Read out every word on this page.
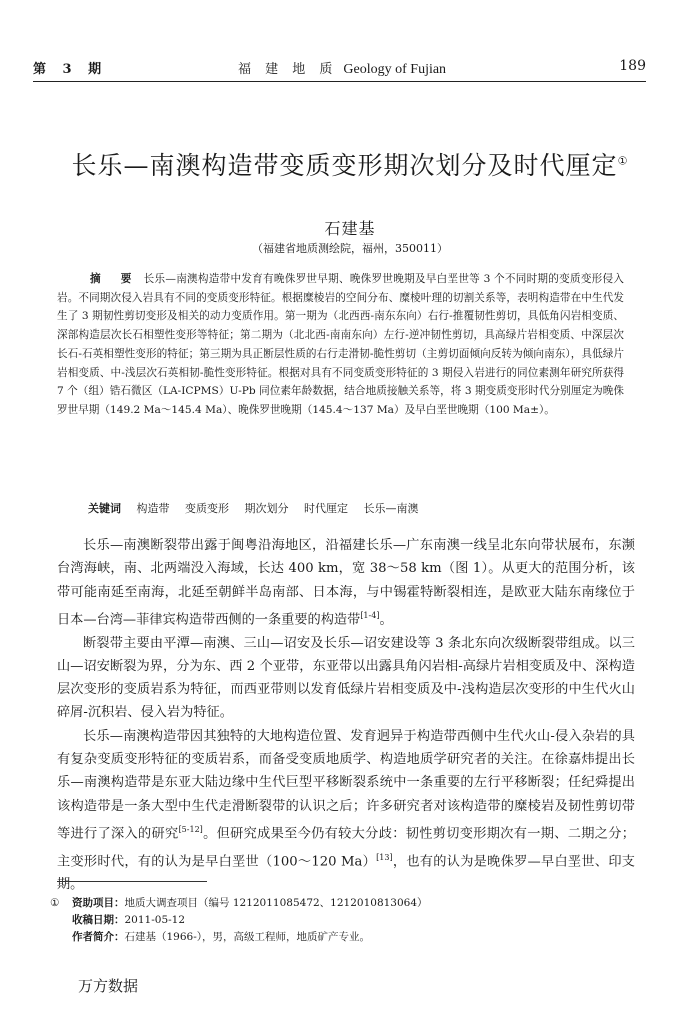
第 3 期	福 建 地 质 Geology of Fujian	189
长乐—南澳构造带变质变形期次划分及时代厘定①
石建基
（福建省地质测绘院，福州，350011）
摘 要 长乐—南澳构造带中发育有晚侏罗世早期、晚侏罗世晚期及早白垩世等 3 个不同时期的变质变形侵入岩。不同期次侵入岩具有不同的变质变形特征。根据糜棱岩的空间分布、糜棱叶理的切割关系等，表明构造带在中生代发生了 3 期韧性剪切变形及相关的动力变质作用。第一期为（北西西-南东东向）右行-推覆韧性剪切，具低角闪岩相变质、深部构造层次长石相塑性变形等特征；第二期为（北北西-南南东向）左行-逆冲韧性剪切，具高绿片岩相变质、中深层次长石-石英相塑性变形的特征；第三期为具正断层性质的右行走滑韧-脆性剪切（主剪切面倾向反转为倾向南东），具低绿片岩相变质、中-浅层次石英相韧-脆性变形特征。根据对具有不同变质变形特征的 3 期侵入岩进行的同位素测年研究所获得 7 个（组）锆石微区（LA-ICPMS）U-Pb 同位素年龄数据，结合地质接触关系等，将 3 期变质变形时代分别厘定为晚侏罗世早期（149.2 Ma～145.4 Ma）、晚侏罗世晚期（145.4～137 Ma）及早白垩世晚期（100 Ma±）。
关键词 构造带 变质变形 期次划分 时代厘定 长乐—南澳

长乐—南澳断裂带出露于闽粤沿海地区，沿福建长乐—广东南澳一线呈北东向带状展布，东濒台湾海峡，南、北两端没入海域，长达 400 km，宽 38～58 km（图 1）。从更大的范围分析，该带可能南延至南海，北延至朝鲜半岛南部、日本海，与中锡霍特断裂相连，是欧亚大陆东南缘位于日本—台湾—菲律宾构造带西侧的一条重要的构造带[1-4]。

断裂带主要由平潭—南澳、三山—诏安及长乐—诏安建设等 3 条北东向次级断裂带组成。以三山—诏安断裂为界，分为东、西 2 个亚带，东亚带以出露具角闪岩相-高绿片岩相变质及中、深构造层次变形的变质岩系为特征，而西亚带则以发育低绿片岩相变质及中-浅构造层次变形的中生代火山碎屑-沉积岩、侵入岩为特征。

长乐—南澳构造带因其独特的大地构造位置、发育迥异于构造带西侧中生代火山-侵入杂岩的具有复杂变质变形特征的变质岩系，而备受变质地质学、构造地质学研究者的关注。在徐嘉炜提出长乐—南澳构造带是东亚大陆边缘中生代巨型平移断裂系统中一条重要的左行平移断裂；任纪舜提出该构造带是一条大型中生代走滑断裂带的认识之后；许多研究者对该构造带的糜棱岩及韧性剪切带等进行了深入的研究[5-12]。但研究成果至今仍有较大分歧：韧性剪切变形期次有一期、二期之分；主变形时代，有的认为是早白垩世（100～120 Ma）[13]，也有的认为是晚侏罗—早白垩世、印支期。

① 资助项目：地质大调查项目（编号 1212011085472、1212010813064）
收稿日期：2011-05-12
作者简介：石建基（1966-），男，高级工程师，地质矿产专业。
万方数据
